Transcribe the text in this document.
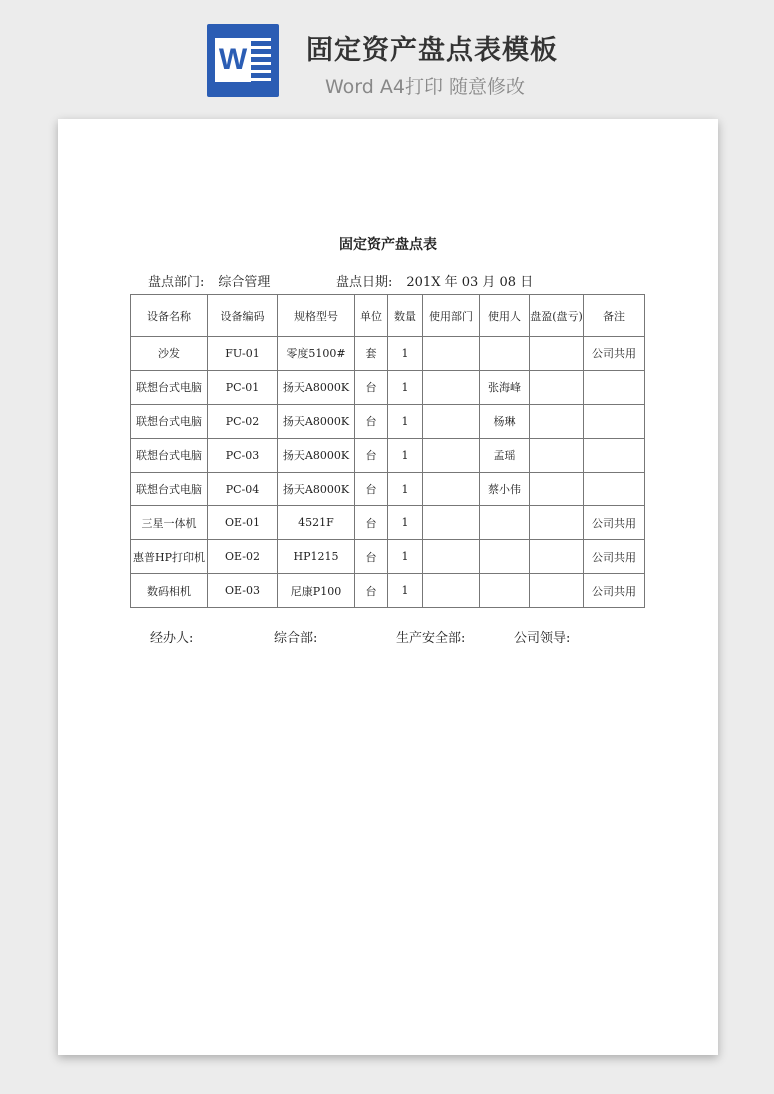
W 固定资产盘点表模板
Word A4打印 随意修改
固定资产盘点表
盘点部门: 综合管理	盘点日期: 201X 年 03 月 08 日
设备名称	设备编码	规格型号	单位	数量	使用部门	使用人	盘盈(盘亏)	备注
沙发	FU-01	零度5100#	套	1				公司共用
联想台式电脑	PC-01	扬天A8000K	台	1		张海峰		
联想台式电脑	PC-02	扬天A8000K	台	1		杨琳		
联想台式电脑	PC-03	扬天A8000K	台	1		孟瑶		
联想台式电脑	PC-04	扬天A8000K	台	1		蔡小伟		
三星一体机	OE-01	4521F	台	1				公司共用
惠普HP打印机	OE-02	HP1215	台	1				公司共用
数码相机	OE-03	尼康P100	台	1				公司共用
经办人:	综合部:	生产安全部:	公司领导:
